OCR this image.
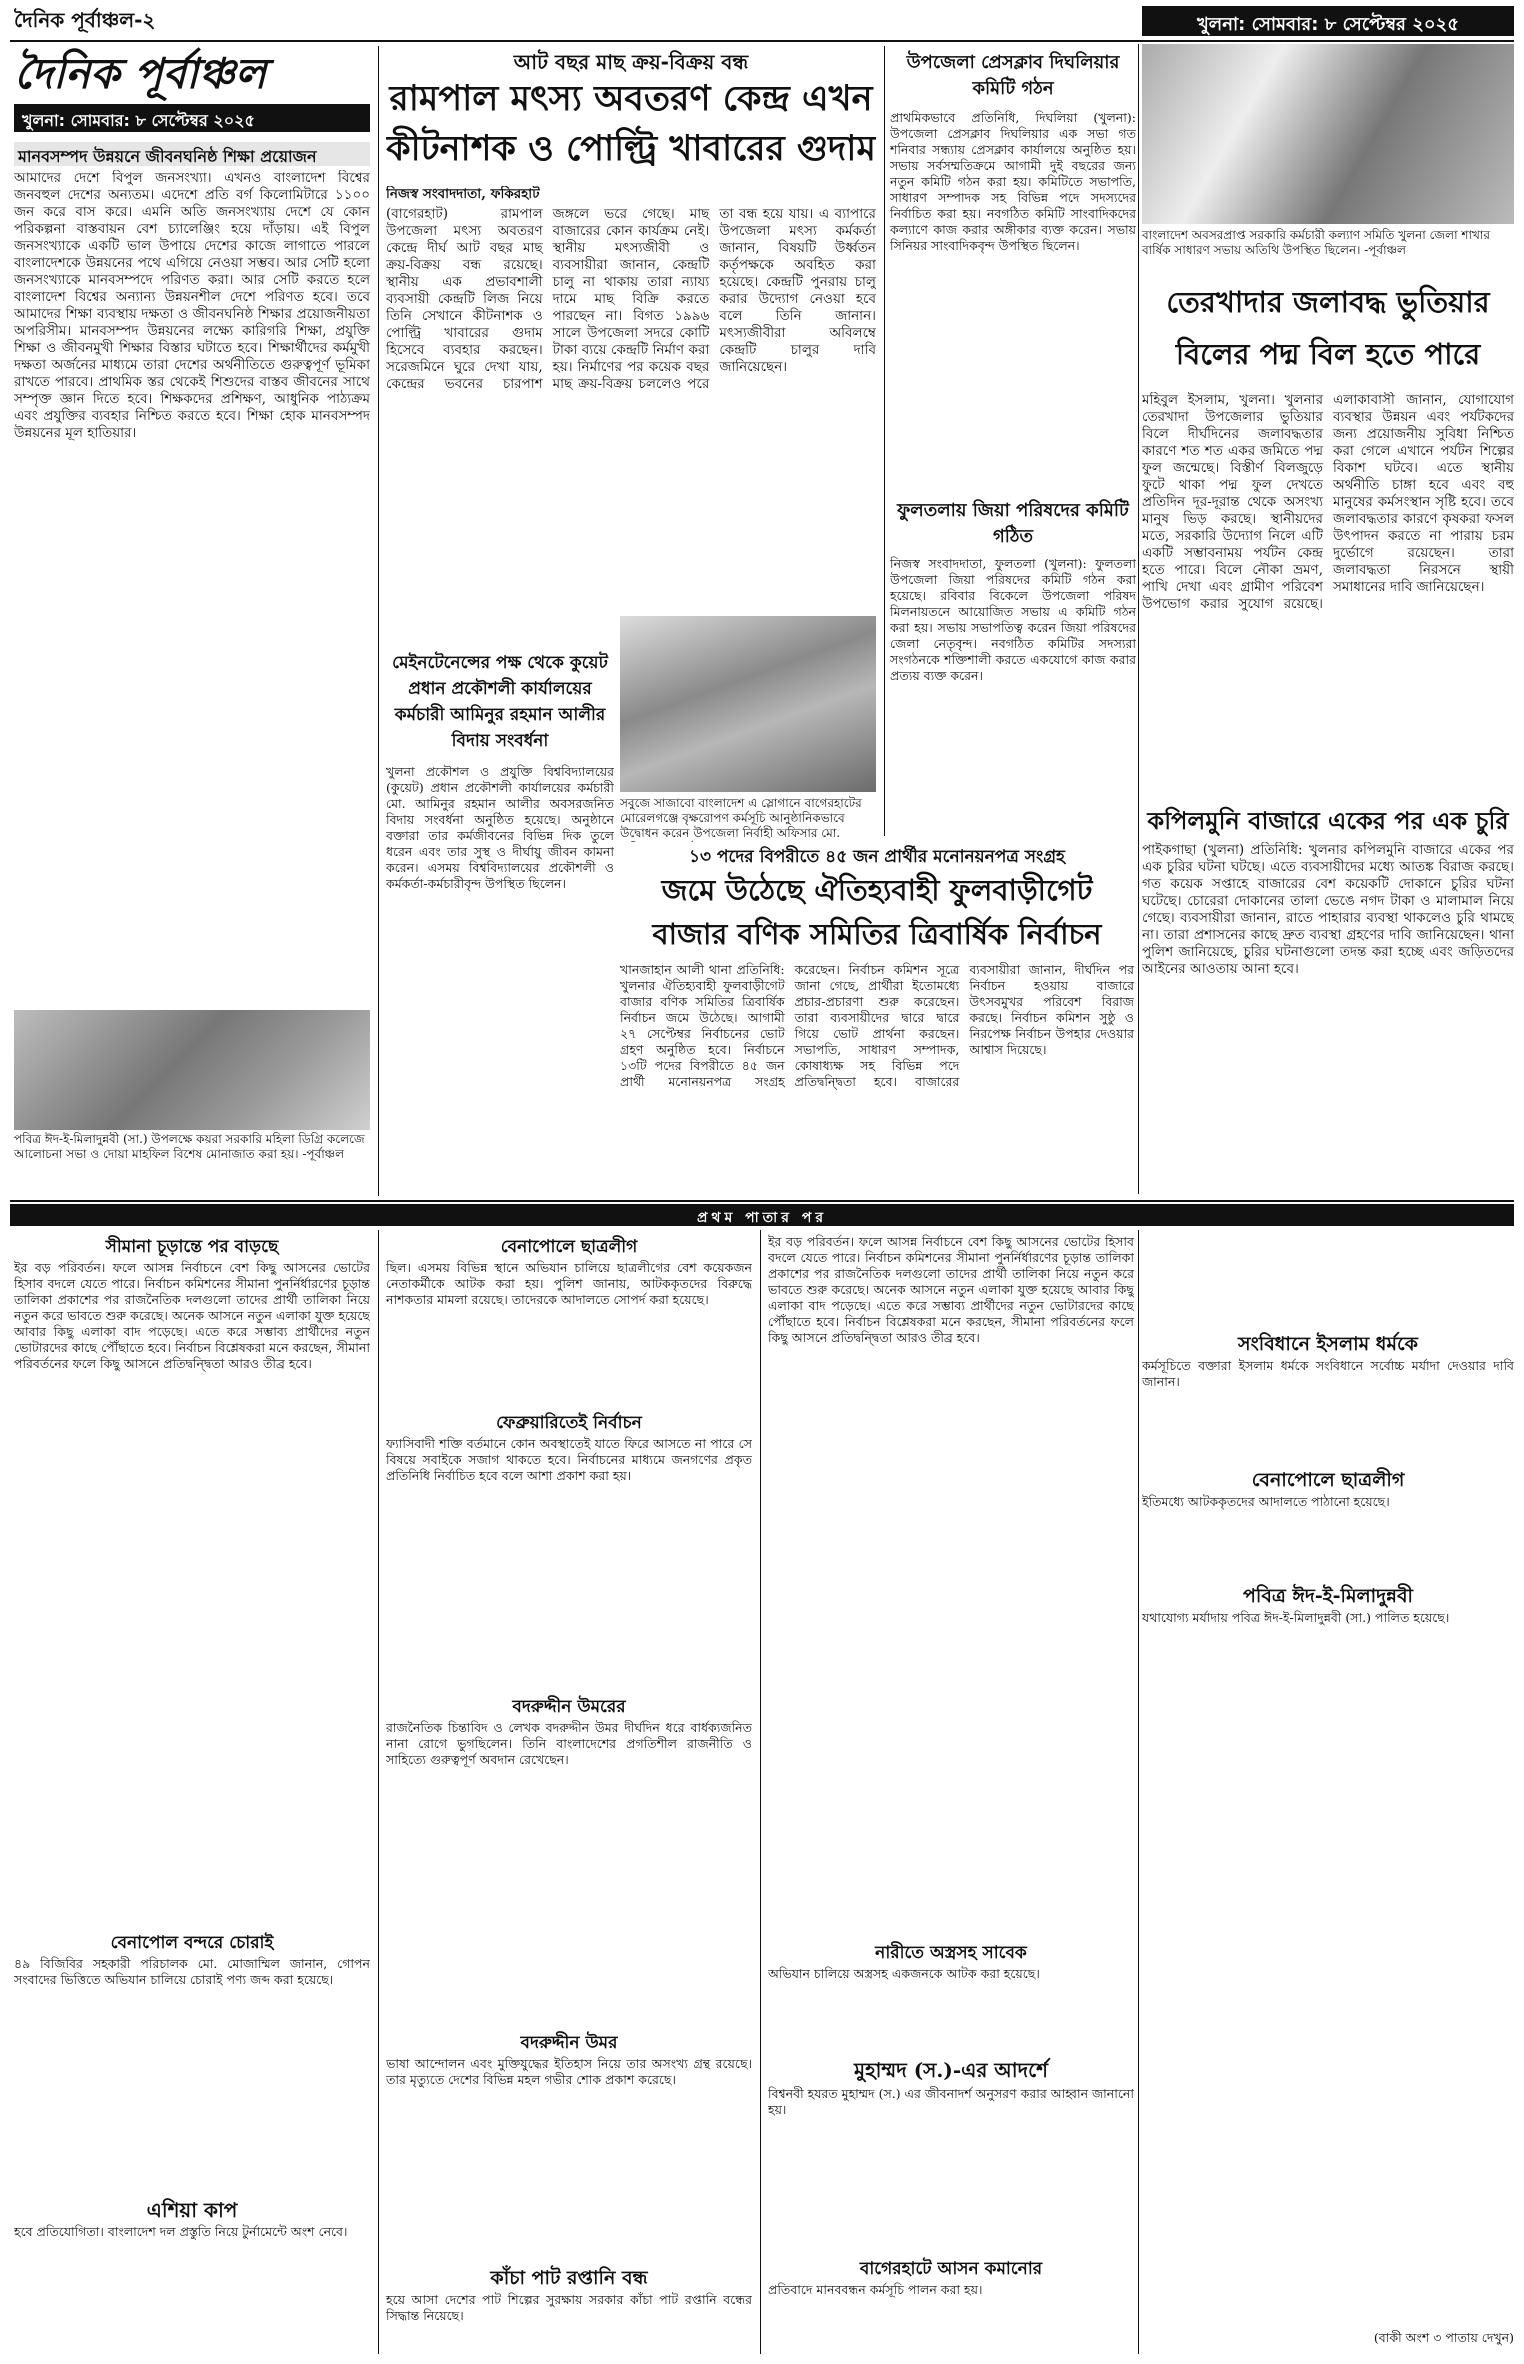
দৈনিক পূর্বাঞ্চল-২	খুলনা: সোমবার: ৮ সেপ্টেম্বর ২০২৫
দৈনিক পূর্বাঞ্চল
খুলনা: সোমবার: ৮ সেপ্টেম্বর ২০২৫
মানবসম্পদ উন্নয়নে জীবনঘনিষ্ঠ শিক্ষা প্রয়োজন
আমাদের দেশে বিপুল জনসংখ্যা। এখনও বাংলাদেশ বিশ্বের জনবহুল দেশের অন্যতম। এদেশে প্রতি বর্গ কিলোমিটারে ১১০০ জন করে বাস করে। এমনি অতি জনসংখ্যায় দেশে যে কোন পরিকল্পনা বাস্তবায়ন বেশ চ্যালেঞ্জিং হয়ে দাঁড়ায়। এই বিপুল জনসংখ্যাকে একটি ভাল উপায়ে দেশের কাজে লাগাতে পারলে বাংলাদেশকে উন্নয়নের পথে এগিয়ে নেওয়া সম্ভব। আর সেটি হলো জনসংখ্যাকে মানবসম্পদে পরিণত করা। আর সেটি করতে হলে বাংলাদেশ বিশ্বের অন্যান্য উন্নয়নশীল দেশে পরিণত হবে। তবে আমাদের শিক্ষা ব্যবস্থায় দক্ষতা ও জীবনঘনিষ্ঠ শিক্ষার প্রয়োজনীয়তা অপরিসীম। মানবসম্পদ উন্নয়নের লক্ষ্যে কারিগরি শিক্ষা, প্রযুক্তি শিক্ষা ও জীবনমুখী শিক্ষার বিস্তার ঘটাতে হবে। শিক্ষার্থীদের কর্মমুখী দক্ষতা অর্জনের মাধ্যমে তারা দেশের অর্থনীতিতে গুরুত্বপূর্ণ ভূমিকা রাখতে পারবে। প্রাথমিক স্তর থেকেই শিশুদের বাস্তব জীবনের সাথে সম্পৃক্ত জ্ঞান দিতে হবে। শিক্ষকদের প্রশিক্ষণ, আধুনিক পাঠ্যক্রম এবং প্রযুক্তির ব্যবহার নিশ্চিত করতে হবে। শিক্ষা হোক মানবসম্পদ উন্নয়নের মূল হাতিয়ার।
পবিত্র ঈদ-ই-মিলাদুন্নবী (সা.) উপলক্ষে কয়রা সরকারি মহিলা ডিগ্রি কলেজে আলোচনা সভা ও দোয়া মাহফিল বিশেষ মোনাজাত করা হয়। -পূর্বাঞ্চল
আট বছর মাছ ক্রয়-বিক্রয় বন্ধ
রামপাল মৎস্য অবতরণ কেন্দ্র এখন কীটনাশক ও পোল্ট্রি খাবারের গুদাম
নিজস্ব সংবাদদাতা, ফকিরহাট
(বাগেরহাট) রামপাল উপজেলা মৎস্য অবতরণ কেন্দ্রে দীর্ঘ আট বছর মাছ ক্রয়-বিক্রয় বন্ধ রয়েছে। স্থানীয় এক প্রভাবশালী ব্যবসায়ী কেন্দ্রটি লিজ নিয়ে তিনি সেখানে কীটনাশক ও পোল্ট্রি খাবারের গুদাম হিসেবে ব্যবহার করছেন। সরেজমিনে ঘুরে দেখা যায়, কেন্দ্রের ভবনের চারপাশ জঙ্গলে ভরে গেছে। মাছ বাজারের কোন কার্যক্রম নেই। স্থানীয় মৎস্যজীবী ও ব্যবসায়ীরা জানান, কেন্দ্রটি চালু না থাকায় তারা ন্যায্য দামে মাছ বিক্রি করতে পারছেন না। বিগত ১৯৯৬ সালে উপজেলা সদরে কোটি টাকা ব্যয়ে কেন্দ্রটি নির্মাণ করা হয়। নির্মাণের পর কয়েক বছর মাছ ক্রয়-বিক্রয় চললেও পরে তা বন্ধ হয়ে যায়। এ ব্যাপারে উপজেলা মৎস্য কর্মকর্তা জানান, বিষয়টি উর্ধ্বতন কর্তৃপক্ষকে অবহিত করা হয়েছে। কেন্দ্রটি পুনরায় চালু করার উদ্যোগ নেওয়া হবে বলে তিনি জানান। মৎস্যজীবীরা অবিলম্বে কেন্দ্রটি চালুর দাবি জানিয়েছেন।
সবুজে সাজাবো বাংলাদেশ এ স্লোগানে বাগেরহাটের মোরেলগঞ্জে বৃক্ষরোপণ কর্মসূচি আনুষ্ঠানিকভাবে উদ্বোধন করেন উপজেলা নির্বাহী অফিসার মো.
উপজেলা প্রেসক্লাব দিঘলিয়ার কমিটি গঠন
প্রাথমিকভাবে প্রতিনিধি, দিঘলিয়া (খুলনা): উপজেলা প্রেসক্লাব দিঘলিয়ার এক সভা গত শনিবার সন্ধ্যায় প্রেসক্লাব কার্যালয়ে অনুষ্ঠিত হয়। সভায় সর্বসম্মতিক্রমে আগামী দুই বছরের জন্য নতুন কমিটি গঠন করা হয়। কমিটিতে সভাপতি, সাধারণ সম্পাদক সহ বিভিন্ন পদে সদস্যদের নির্বাচিত করা হয়। নবগঠিত কমিটি সাংবাদিকদের কল্যাণে কাজ করার অঙ্গীকার ব্যক্ত করেন। সভায় সিনিয়র সাংবাদিকবৃন্দ উপস্থিত ছিলেন।
বাংলাদেশ অবসরপ্রাপ্ত সরকারি কর্মচারী কল্যাণ সমিতি খুলনা জেলা শাখার বার্ষিক সাধারণ সভায় অতিথি উপস্থিত ছিলেন। -পূর্বাঞ্চল
তেরখাদার জলাবদ্ধ ভুতিয়ার বিলের পদ্ম বিল হতে পারে
মহিবুল ইসলাম, খুলনা। খুলনার তেরখাদা উপজেলার ভুতিয়ার বিলে দীর্ঘদিনের জলাবদ্ধতার কারণে শত শত একর জমিতে পদ্ম ফুল জন্মেছে। বিস্তীর্ণ বিলজুড়ে ফুটে থাকা পদ্ম ফুল দেখতে প্রতিদিন দূর-দূরান্ত থেকে অসংখ্য মানুষ ভিড় করছে। স্থানীয়দের মতে, সরকারি উদ্যোগ নিলে এটি একটি সম্ভাবনাময় পর্যটন কেন্দ্র হতে পারে। বিলে নৌকা ভ্রমণ, পাখি দেখা এবং গ্রামীণ পরিবেশ উপভোগ করার সুযোগ রয়েছে। এলাকাবাসী জানান, যোগাযোগ ব্যবস্থার উন্নয়ন এবং পর্যটকদের জন্য প্রয়োজনীয় সুবিধা নিশ্চিত করা গেলে এখানে পর্যটন শিল্পের বিকাশ ঘটবে। এতে স্থানীয় অর্থনীতি চাঙ্গা হবে এবং বহু মানুষের কর্মসংস্থান সৃষ্টি হবে। তবে জলাবদ্ধতার কারণে কৃষকরা ফসল উৎপাদন করতে না পারায় চরম দুর্ভোগে রয়েছেন। তারা জলাবদ্ধতা নিরসনে স্থায়ী সমাধানের দাবি জানিয়েছেন।
ফুলতলায় জিয়া পরিষদের কমিটি গঠিত
নিজস্ব সংবাদদাতা, ফুলতলা (খুলনা): ফুলতলা উপজেলা জিয়া পরিষদের কমিটি গঠন করা হয়েছে। রবিবার বিকেলে উপজেলা পরিষদ মিলনায়তনে আয়োজিত সভায় এ কমিটি গঠন করা হয়। সভায় সভাপতিত্ব করেন জিয়া পরিষদের জেলা নেতৃবৃন্দ। নবগঠিত কমিটির সদস্যরা সংগঠনকে শক্তিশালী করতে একযোগে কাজ করার প্রত্যয় ব্যক্ত করেন।
মেইনটেনেন্সের পক্ষ থেকে কুয়েট প্রধান প্রকৌশলী কার্যালয়ের কর্মচারী আমিনুর রহমান আলীর বিদায় সংবর্ধনা
খুলনা প্রকৌশল ও প্রযুক্তি বিশ্ববিদ্যালয়ের (কুয়েট) প্রধান প্রকৌশলী কার্যালয়ের কর্মচারী মো. আমিনুর রহমান আলীর অবসরজনিত বিদায় সংবর্ধনা অনুষ্ঠিত হয়েছে। অনুষ্ঠানে বক্তারা তার কর্মজীবনের বিভিন্ন দিক তুলে ধরেন এবং তার সুস্থ ও দীর্ঘায়ু জীবন কামনা করেন। এসময় বিশ্ববিদ্যালয়ের প্রকৌশলী ও কর্মকর্তা-কর্মচারীবৃন্দ উপস্থিত ছিলেন।
১৩ পদের বিপরীতে ৪৫ জন প্রার্থীর মনোনয়নপত্র সংগ্রহ
জমে উঠেছে ঐতিহ্যবাহী ফুলবাড়ীগেট বাজার বণিক সমিতির ত্রিবার্ষিক নির্বাচন
খানজাহান আলী থানা প্রতিনিধি: খুলনার ঐতিহ্যবাহী ফুলবাড়ীগেট বাজার বণিক সমিতির ত্রিবার্ষিক নির্বাচন জমে উঠেছে। আগামী ২৭ সেপ্টেম্বর নির্বাচনের ভোট গ্রহণ অনুষ্ঠিত হবে। নির্বাচনে ১৩টি পদের বিপরীতে ৪৫ জন প্রার্থী মনোনয়নপত্র সংগ্রহ করেছেন। নির্বাচন কমিশন সূত্রে জানা গেছে, প্রার্থীরা ইতোমধ্যে প্রচার-প্রচারণা শুরু করেছেন। তারা ব্যবসায়ীদের দ্বারে দ্বারে গিয়ে ভোট প্রার্থনা করছেন। সভাপতি, সাধারণ সম্পাদক, কোষাধ্যক্ষ সহ বিভিন্ন পদে প্রতিদ্বন্দ্বিতা হবে। বাজারের ব্যবসায়ীরা জানান, দীর্ঘদিন পর নির্বাচন হওয়ায় বাজারে উৎসবমুখর পরিবেশ বিরাজ করছে। নির্বাচন কমিশন সুষ্ঠু ও নিরপেক্ষ নির্বাচন উপহার দেওয়ার আশ্বাস দিয়েছে।
কপিলমুনি বাজারে একের পর এক চুরি
পাইকগাছা (খুলনা) প্রতিনিধি: খুলনার কপিলমুনি বাজারে একের পর এক চুরির ঘটনা ঘটছে। এতে ব্যবসায়ীদের মধ্যে আতঙ্ক বিরাজ করছে। গত কয়েক সপ্তাহে বাজারের বেশ কয়েকটি দোকানে চুরির ঘটনা ঘটেছে। চোরেরা দোকানের তালা ভেঙে নগদ টাকা ও মালামাল নিয়ে গেছে। ব্যবসায়ীরা জানান, রাতে পাহারার ব্যবস্থা থাকলেও চুরি থামছে না। তারা প্রশাসনের কাছে দ্রুত ব্যবস্থা গ্রহণের দাবি জানিয়েছেন। থানা পুলিশ জানিয়েছে, চুরির ঘটনাগুলো তদন্ত করা হচ্ছে এবং জড়িতদের আইনের আওতায় আনা হবে।
প্রথম পাতার পর
সীমানা চূড়ান্তে পর বাড়ছে
ইর বড় পরিবর্তন। ফলে আসন্ন নির্বাচনে বেশ কিছু আসনের ভোটের হিসাব বদলে যেতে পারে। নির্বাচন কমিশনের সীমানা পুনর্নির্ধারণের চূড়ান্ত তালিকা প্রকাশের পর রাজনৈতিক দলগুলো তাদের প্রার্থী তালিকা নিয়ে নতুন করে ভাবতে শুরু করেছে। অনেক আসনে নতুন এলাকা যুক্ত হয়েছে আবার কিছু এলাকা বাদ পড়েছে। এতে করে সম্ভাব্য প্রার্থীদের নতুন ভোটারদের কাছে পৌঁছাতে হবে। নির্বাচন বিশ্লেষকরা মনে করছেন, সীমানা পরিবর্তনের ফলে কিছু আসনে প্রতিদ্বন্দ্বিতা আরও তীব্র হবে।
বেনাপোল বন্দরে চোরাই
৪৯ বিজিবির সহকারী পরিচালক মো. মোজাম্মিল জানান, গোপন সংবাদের ভিত্তিতে অভিযান চালিয়ে চোরাই পণ্য জব্দ করা হয়েছে।
এশিয়া কাপ
হবে প্রতিযোগিতা। বাংলাদেশ দল প্রস্তুতি নিয়ে টুর্নামেন্টে অংশ নেবে।
বেনাপোলে ছাত্রলীগ
ছিল। এসময় বিভিন্ন স্থানে অভিযান চালিয়ে ছাত্রলীগের বেশ কয়েকজন নেতাকর্মীকে আটক করা হয়। পুলিশ জানায়, আটককৃতদের বিরুদ্ধে নাশকতার মামলা রয়েছে। তাদেরকে আদালতে সোপর্দ করা হয়েছে।
ফেব্রুয়ারিতেই নির্বাচন
ফ্যাসিবাদী শক্তি বর্তমানে কোন অবস্থাতেই যাতে ফিরে আসতে না পারে সে বিষয়ে সবাইকে সজাগ থাকতে হবে। নির্বাচনের মাধ্যমে জনগণের প্রকৃত প্রতিনিধি নির্বাচিত হবে বলে আশা প্রকাশ করা হয়।
বদরুদ্দীন উমরের
রাজনৈতিক চিন্তাবিদ ও লেখক বদরুদ্দীন উমর দীর্ঘদিন ধরে বার্ধক্যজনিত নানা রোগে ভুগছিলেন। তিনি বাংলাদেশের প্রগতিশীল রাজনীতি ও সাহিত্যে গুরুত্বপূর্ণ অবদান রেখেছেন।
বদরুদ্দীন উমর
ভাষা আন্দোলন এবং মুক্তিযুদ্ধের ইতিহাস নিয়ে তার অসংখ্য গ্রন্থ রয়েছে। তার মৃত্যুতে দেশের বিভিন্ন মহল গভীর শোক প্রকাশ করেছে।
কাঁচা পাট রপ্তানি বন্ধ
হয়ে আসা দেশের পাট শিল্পের সুরক্ষায় সরকার কাঁচা পাট রপ্তানি বন্ধের সিদ্ধান্ত নিয়েছে।
ইর বড় পরিবর্তন। ফলে আসন্ন নির্বাচনে বেশ কিছু আসনের ভোটের হিসাব বদলে যেতে পারে। নির্বাচন কমিশনের সীমানা পুনর্নির্ধারণের চূড়ান্ত তালিকা প্রকাশের পর রাজনৈতিক দলগুলো তাদের প্রার্থী তালিকা নিয়ে নতুন করে ভাবতে শুরু করেছে। অনেক আসনে নতুন এলাকা যুক্ত হয়েছে আবার কিছু এলাকা বাদ পড়েছে। এতে করে সম্ভাব্য প্রার্থীদের নতুন ভোটারদের কাছে পৌঁছাতে হবে। নির্বাচন বিশ্লেষকরা মনে করছেন, সীমানা পরিবর্তনের ফলে কিছু আসনে প্রতিদ্বন্দ্বিতা আরও তীব্র হবে।
নারীতে অস্ত্রসহ সাবেক
অভিযান চালিয়ে অস্ত্রসহ একজনকে আটক করা হয়েছে।
মুহাম্মদ (স.)-এর আদর্শে
বিশ্বনবী হযরত মুহাম্মদ (স.) এর জীবনাদর্শ অনুসরণ করার আহ্বান জানানো হয়।
বাগেরহাটে আসন কমানোর
প্রতিবাদে মানববন্ধন কর্মসূচি পালন করা হয়।
সংবিধানে ইসলাম ধর্মকে
কর্মসূচিতে বক্তারা ইসলাম ধর্মকে সংবিধানে সর্বোচ্চ মর্যাদা দেওয়ার দাবি জানান।
বেনাপোলে ছাত্রলীগ
ইতিমধ্যে আটককৃতদের আদালতে পাঠানো হয়েছে।
পবিত্র ঈদ-ই-মিলাদুন্নবী
যথাযোগ্য মর্যাদায় পবিত্র ঈদ-ই-মিলাদুন্নবী (সা.) পালিত হয়েছে।
(বাকী অংশ ৩ পাতায় দেখুন)
